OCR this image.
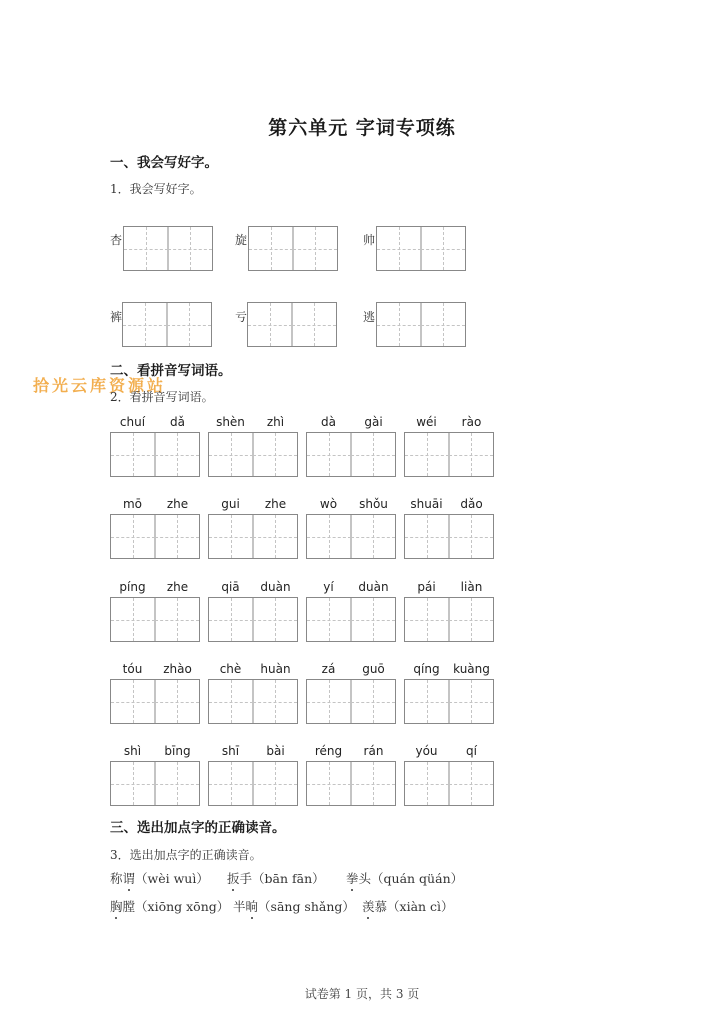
第六单元 字词专项练
一、我会写好字。
1．我会写好字。
杏	旋	帅
裤	亏	逃
二、看拼音写词语。
拾光云库资源站
2．看拼音写词语。
chuí	dǎ	shèn	zhì	dà	gài	wéi	rào
mō	zhe	gui	zhe	wò	shǒu	shuāi	dǎo
píng	zhe	qiā	duàn	yí	duàn	pái	liàn
tóu	zhào	chè	huàn	zá	guō	qíng	kuàng
shì	bīng	shī	bài	réng	rán	yóu	qí
三、选出加点字的正确读音。
3．选出加点字的正确读音。
称谓（wèi wuì） 扳手（bān fān） 拳头（quán qüán）
胸膛（xiōng xōng） 半晌（sāng shǎng） 羡慕（xiàn cì）
试卷第 1 页，共 3 页
